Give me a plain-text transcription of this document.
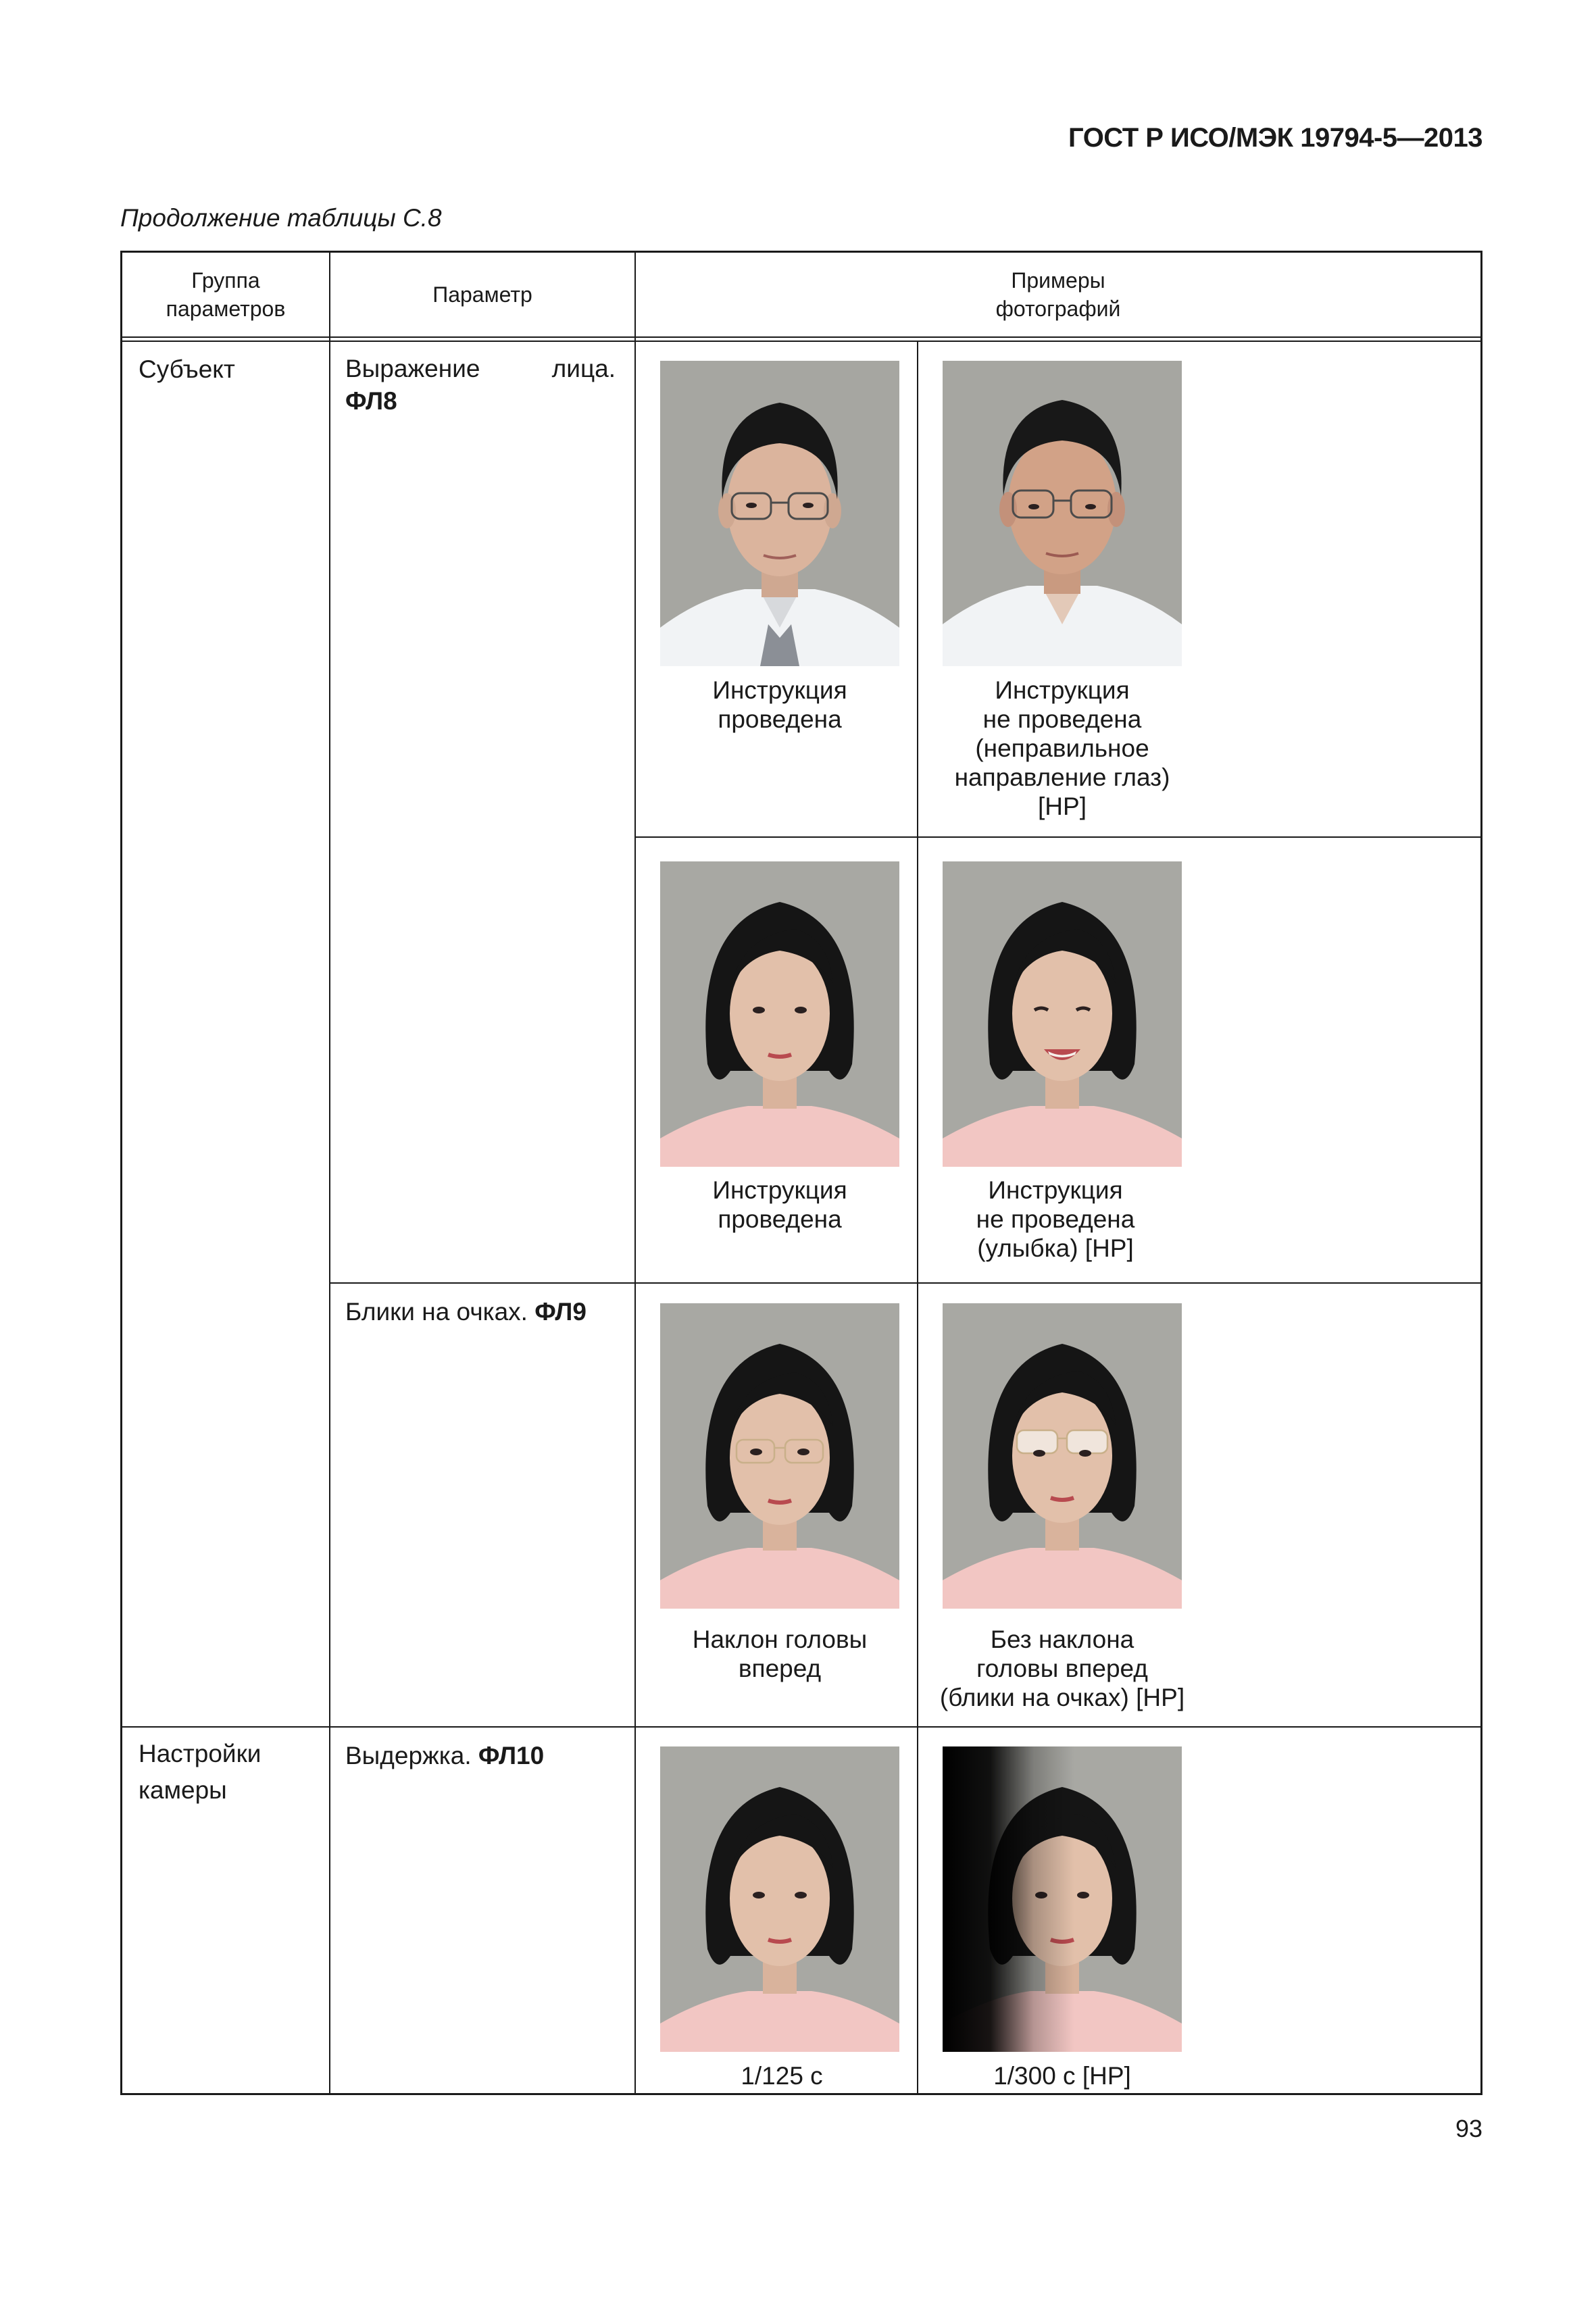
ГОСТ Р ИСО/МЭК 19794-5—2013
Продолжение таблицы С.8
Группа
параметров
Параметр
Примеры
фотографий
Субъект
Настройки
камеры
Выражение лица.
ФЛ8
Блики на очках. ФЛ9
Выдержка. ФЛ10
Инструкция
проведена
Инструкция
не проведена
(неправильное
направление глаз)
[НР]
Инструкция
проведена
Инструкция
не проведена
(улыбка) [НР]
Наклон головы
вперед
Без наклона
головы вперед
(блики на очках) [НР]
1/125 с	1/300 с [НР]
93
